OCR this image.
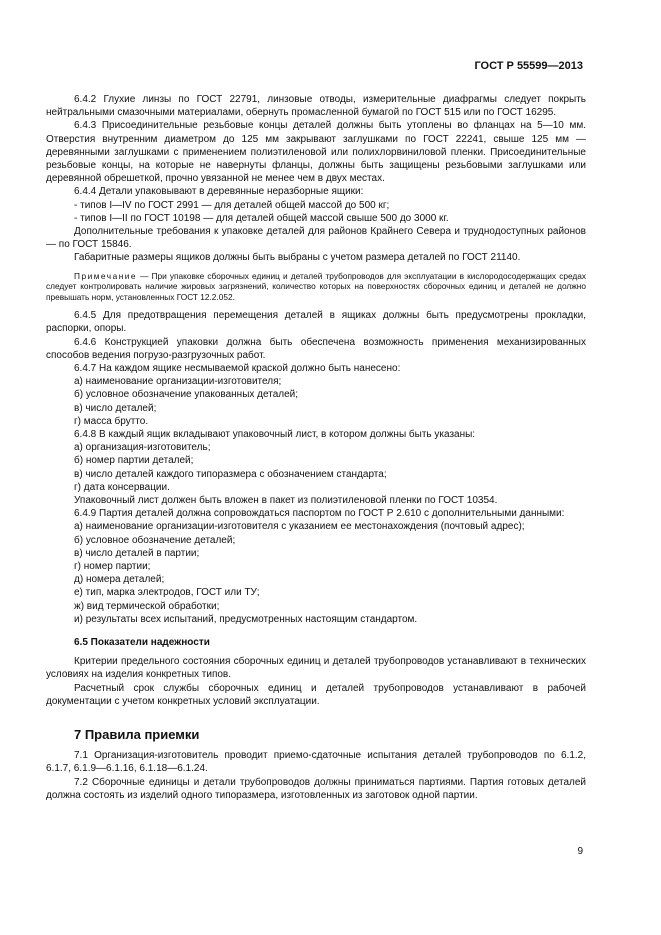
ГОСТ Р 55599—2013

6.4.2 Глухие линзы по ГОСТ 22791, линзовые отводы, измерительные диафрагмы следует покрыть нейтральными смазочными материалами, обернуть промасленной бумагой по ГОСТ 515 или по ГОСТ 16295.

6.4.3 Присоединительные резьбовые концы деталей должны быть утоплены во фланцах на 5—10 мм. Отверстия внутренним диаметром до 125 мм закрывают заглушками по ГОСТ 22241, свыше 125 мм — деревянными заглушками с применением полиэтиленовой или полихлорвиниловой пленки. Присоединительные резьбовые концы, на которые не навернуты фланцы, должны быть защищены резьбовыми заглушками или деревянной обрешеткой, прочно увязанной не менее чем в двух местах.

6.4.4 Детали упаковывают в деревянные неразборные ящики:

- типов I—IV по ГОСТ 2991 — для деталей общей массой до 500 кг;

- типов I—II по ГОСТ 10198 — для деталей общей массой свыше 500 до 3000 кг.

Дополнительные требования к упаковке деталей для районов Крайнего Севера и труднодоступных районов — по ГОСТ 15846.

Габаритные размеры ящиков должны быть выбраны с учетом размера деталей по ГОСТ 21140.

Примечание — При упаковке сборочных единиц и деталей трубопроводов для эксплуатации в кислородосодержащих средах следует контролировать наличие жировых загрязнений, количество которых на поверхностях сборочных единиц и деталей не должно превышать норм, установленных ГОСТ 12.2.052.

6.4.5 Для предотвращения перемещения деталей в ящиках должны быть предусмотрены прокладки, распорки, опоры.

6.4.6 Конструкцией упаковки должна быть обеспечена возможность применения механизированных способов ведения погрузо-разгрузочных работ.

6.4.7 На каждом ящике несмываемой краской должно быть нанесено:

а) наименование организации-изготовителя;

б) условное обозначение упакованных деталей;

в) число деталей;

г) масса брутто.

6.4.8 В каждый ящик вкладывают упаковочный лист, в котором должны быть указаны:

а) организация-изготовитель;

б) номер партии деталей;

в) число деталей каждого типоразмера с обозначением стандарта;

г) дата консервации.

Упаковочный лист должен быть вложен в пакет из полиэтиленовой пленки по ГОСТ 10354.

6.4.9 Партия деталей должна сопровождаться паспортом по ГОСТ Р 2.610 с дополнительными данными:

а) наименование организации-изготовителя с указанием ее местонахождения (почтовый адрес);

б) условное обозначение деталей;

в) число деталей в партии;

г) номер партии;

д) номера деталей;

е) тип, марка электродов, ГОСТ или ТУ;

ж) вид термической обработки;

и) результаты всех испытаний, предусмотренных настоящим стандартом.

6.5 Показатели надежности

Критерии предельного состояния сборочных единиц и деталей трубопроводов устанавливают в технических условиях на изделия конкретных типов.

Расчетный срок службы сборочных единиц и деталей трубопроводов устанавливают в рабочей документации с учетом конкретных условий эксплуатации.

7 Правила приемки

7.1 Организация-изготовитель проводит приемо-сдаточные испытания деталей трубопроводов по 6.1.2, 6.1.7, 6.1.9—6.1.16, 6.1.18—6.1.24.

7.2 Сборочные единицы и детали трубопроводов должны приниматься партиями. Партия готовых деталей должна состоять из изделий одного типоразмера, изготовленных из заготовок одной партии.

9
